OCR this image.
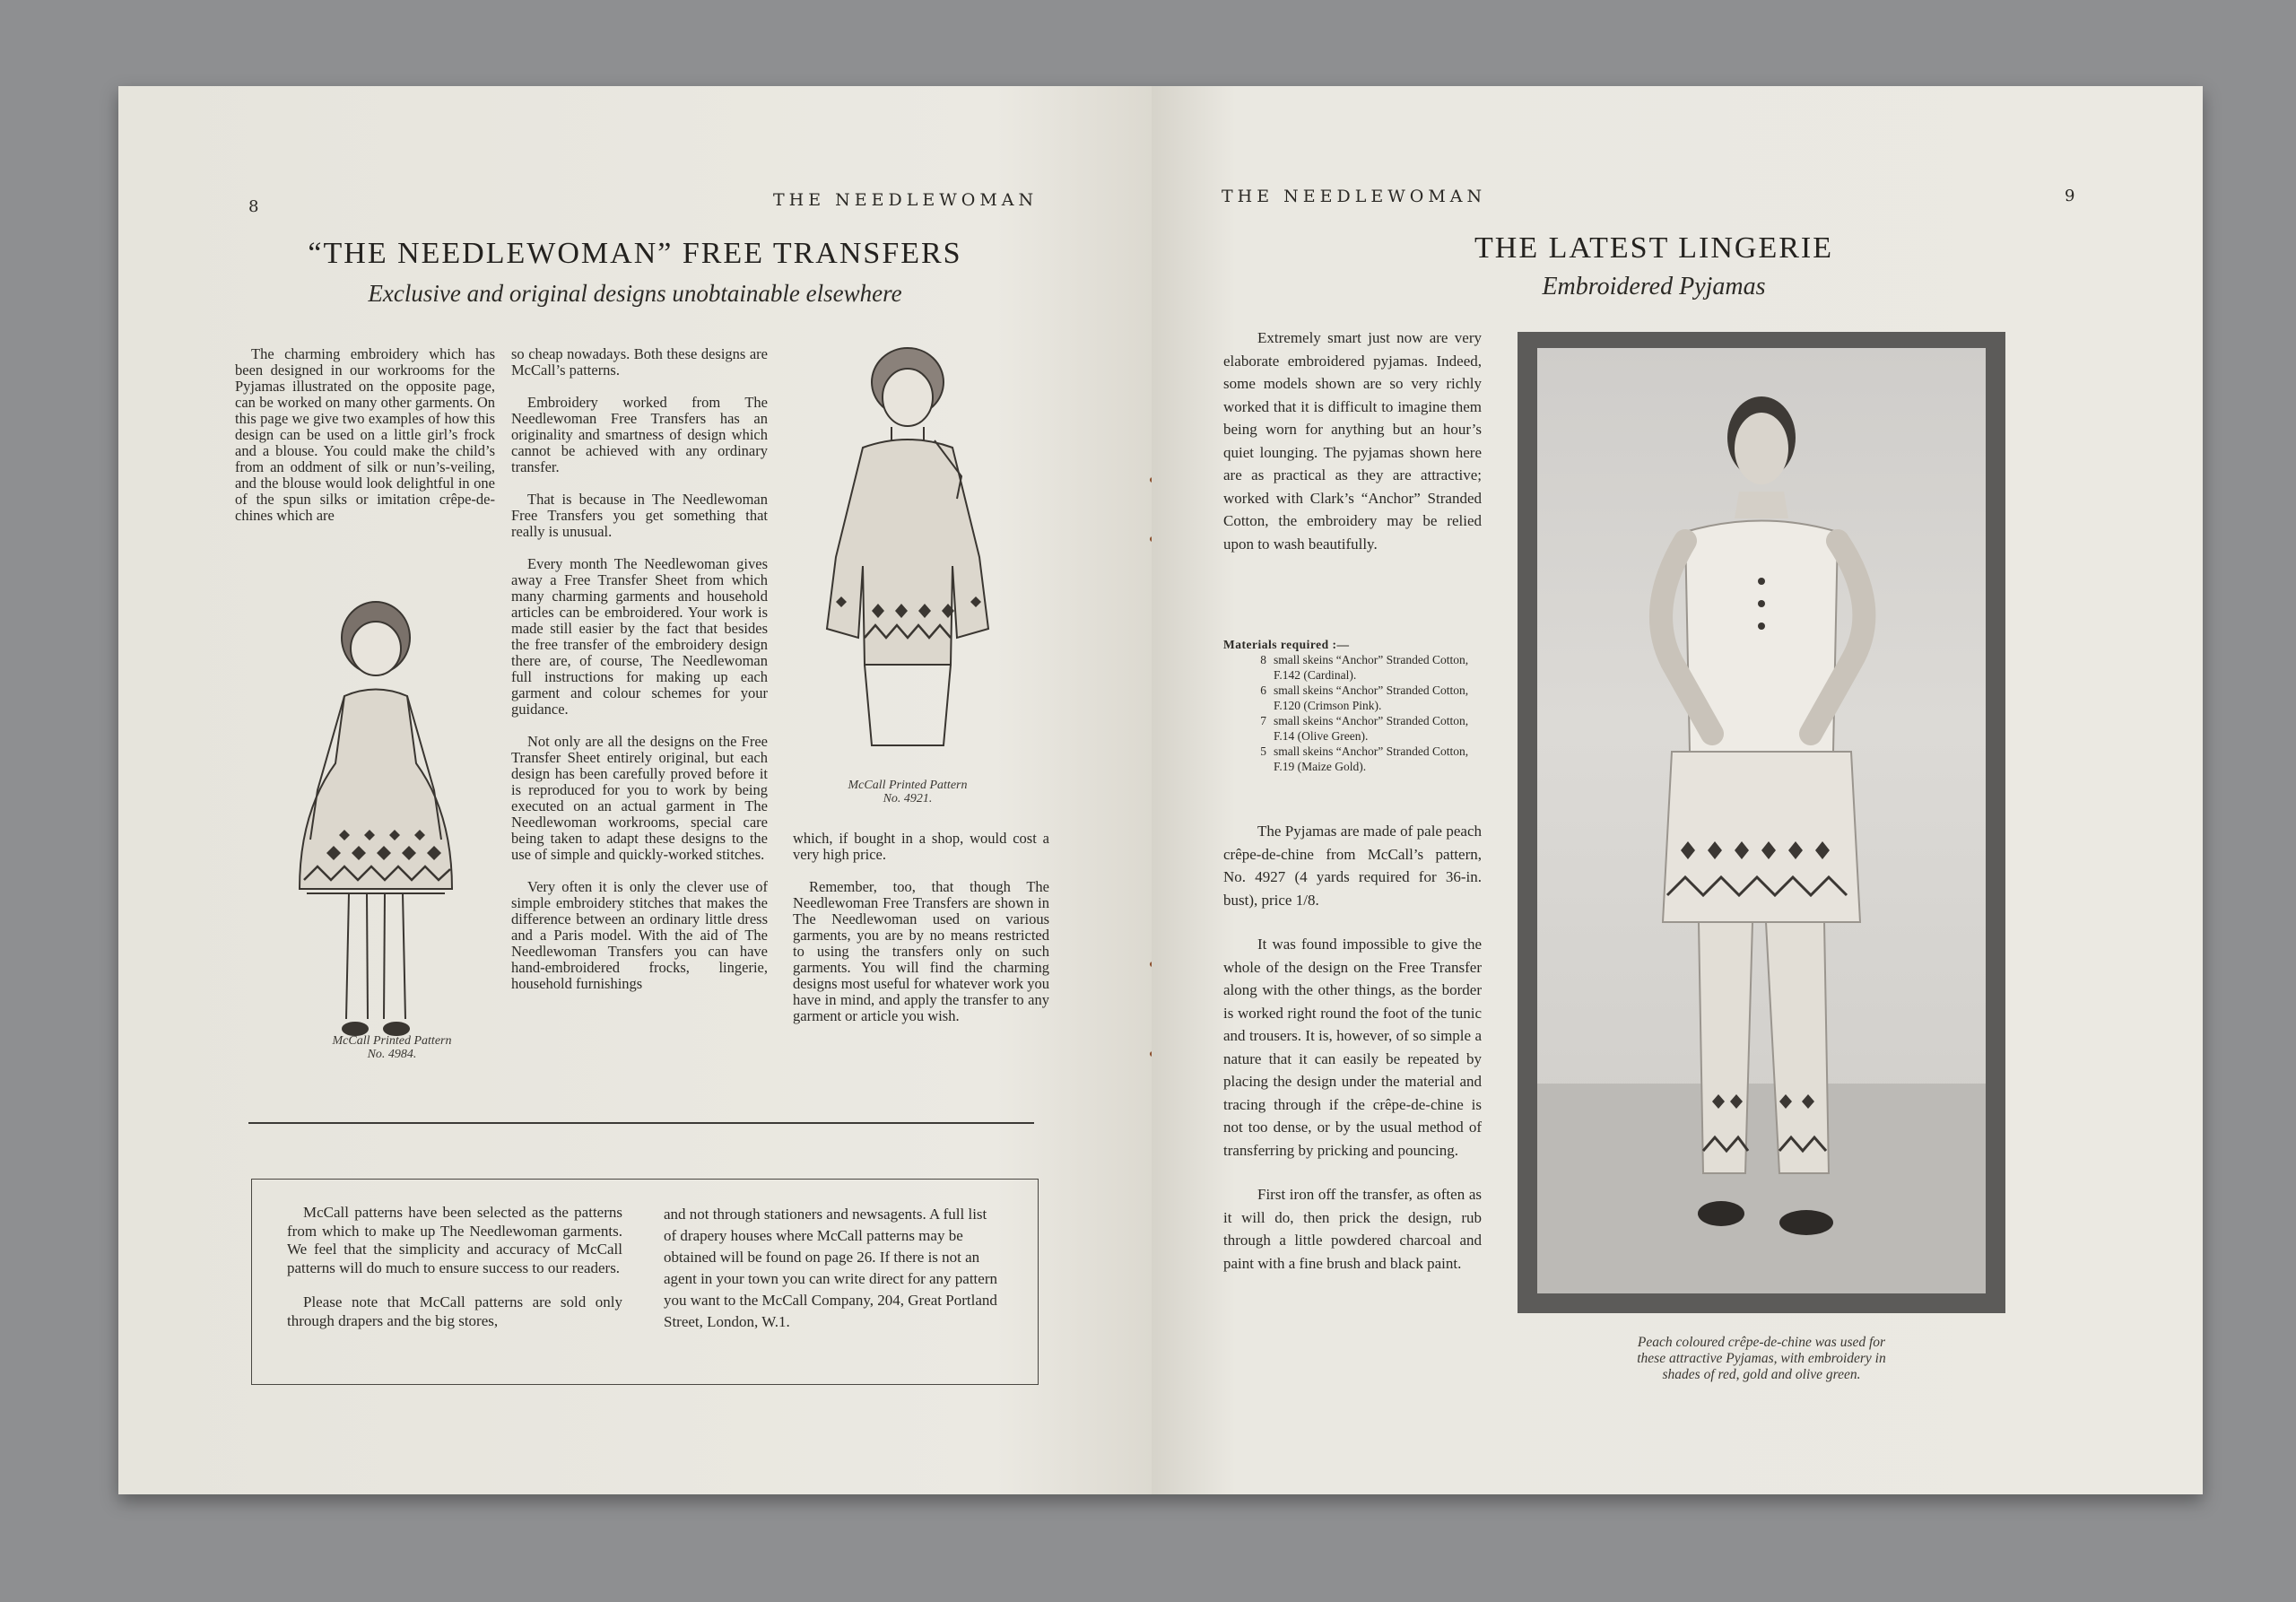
8	THE NEEDLEWOMAN
“THE NEEDLEWOMAN” FREE TRANSFERS
Exclusive and original designs unobtainable elsewhere

The charming embroidery which has been designed in our workrooms for the Pyjamas illustrated on the opposite page, can be worked on many other garments. On this page we give two examples of how this design can be used on a little girl’s frock and a blouse. You could make the child’s from an oddment of silk or nun’s-veiling, and the blouse would look delightful in one of the spun silks or imitation crêpe-de-chines which are

McCall Printed Pattern
No. 4984.

so cheap nowadays. Both these designs are McCall’s patterns.

Embroidery worked from The Needlewoman Free Transfers has an originality and smartness of design which cannot be achieved with any ordinary transfer.

That is because in The Needlewoman Free Transfers you get something that really is unusual.

Every month The Needlewoman gives away a Free Transfer Sheet from which many charming garments and household articles can be embroidered. Your work is made still easier by the fact that besides the free transfer of the embroidery design there are, of course, The Needlewoman full instructions for making up each garment and colour schemes for your guidance.

Not only are all the designs on the Free Transfer Sheet entirely original, but each design has been carefully proved before it is reproduced for you to work by being executed on an actual garment in The Needlewoman workrooms, special care being taken to adapt these designs to the use of simple and quickly-worked stitches.

Very often it is only the clever use of simple embroidery stitches that makes the difference between an ordinary little dress and a Paris model. With the aid of The Needlewoman Transfers you can have hand-embroidered frocks, lingerie, household furnishings

McCall Printed Pattern
No. 4921.

which, if bought in a shop, would cost a very high price.

Remember, too, that though The Needlewoman Free Transfers are shown in The Needlewoman used on various garments, you are by no means restricted to using the transfers only on such garments. You will find the charming designs most useful for whatever work you have in mind, and apply the transfer to any garment or article you wish.

McCall patterns have been selected as the patterns from which to make up The Needlewoman garments. We feel that the simplicity and accuracy of McCall patterns will do much to ensure success to our readers.

Please note that McCall patterns are sold only through drapers and the big stores,

and not through stationers and newsagents. A full list of drapery houses where McCall patterns may be obtained will be found on page 26. If there is not an agent in your town you can write direct for any pattern you want to the McCall Company, 204, Great Portland Street, London, W.1.

THE NEEDLEWOMAN	9
THE LATEST LINGERIE
Embroidered Pyjamas

Extremely smart just now are very elaborate embroidered pyjamas. Indeed, some models shown are so very richly worked that it is difficult to imagine them being worn for anything but an hour’s quiet lounging. The pyjamas shown here are as practical as they are attractive; worked with Clark’s “Anchor” Stranded Cotton, the embroidery may be relied upon to wash beautifully.

Materials required :—
8 small skeins “Anchor” Stranded Cotton, F.142 (Cardinal).
6 small skeins “Anchor” Stranded Cotton, F.120 (Crimson Pink).
7 small skeins “Anchor” Stranded Cotton, F.14 (Olive Green).
5 small skeins “Anchor” Stranded Cotton, F.19 (Maize Gold).

The Pyjamas are made of pale peach crêpe-de-chine from McCall’s pattern, No. 4927 (4 yards required for 36-in. bust), price 1/8.

It was found impossible to give the whole of the design on the Free Transfer along with the other things, as the border is worked right round the foot of the tunic and trousers. It is, however, of so simple a nature that it can easily be repeated by placing the design under the material and tracing through if the crêpe-de-chine is not too dense, or by the usual method of transferring by pricking and pouncing.

First iron off the transfer, as often as it will do, then prick the design, rub through a little powdered charcoal and paint with a fine brush and black paint.

Peach coloured crêpe-de-chine was used for
these attractive Pyjamas, with embroidery in
shades of red, gold and olive green.
